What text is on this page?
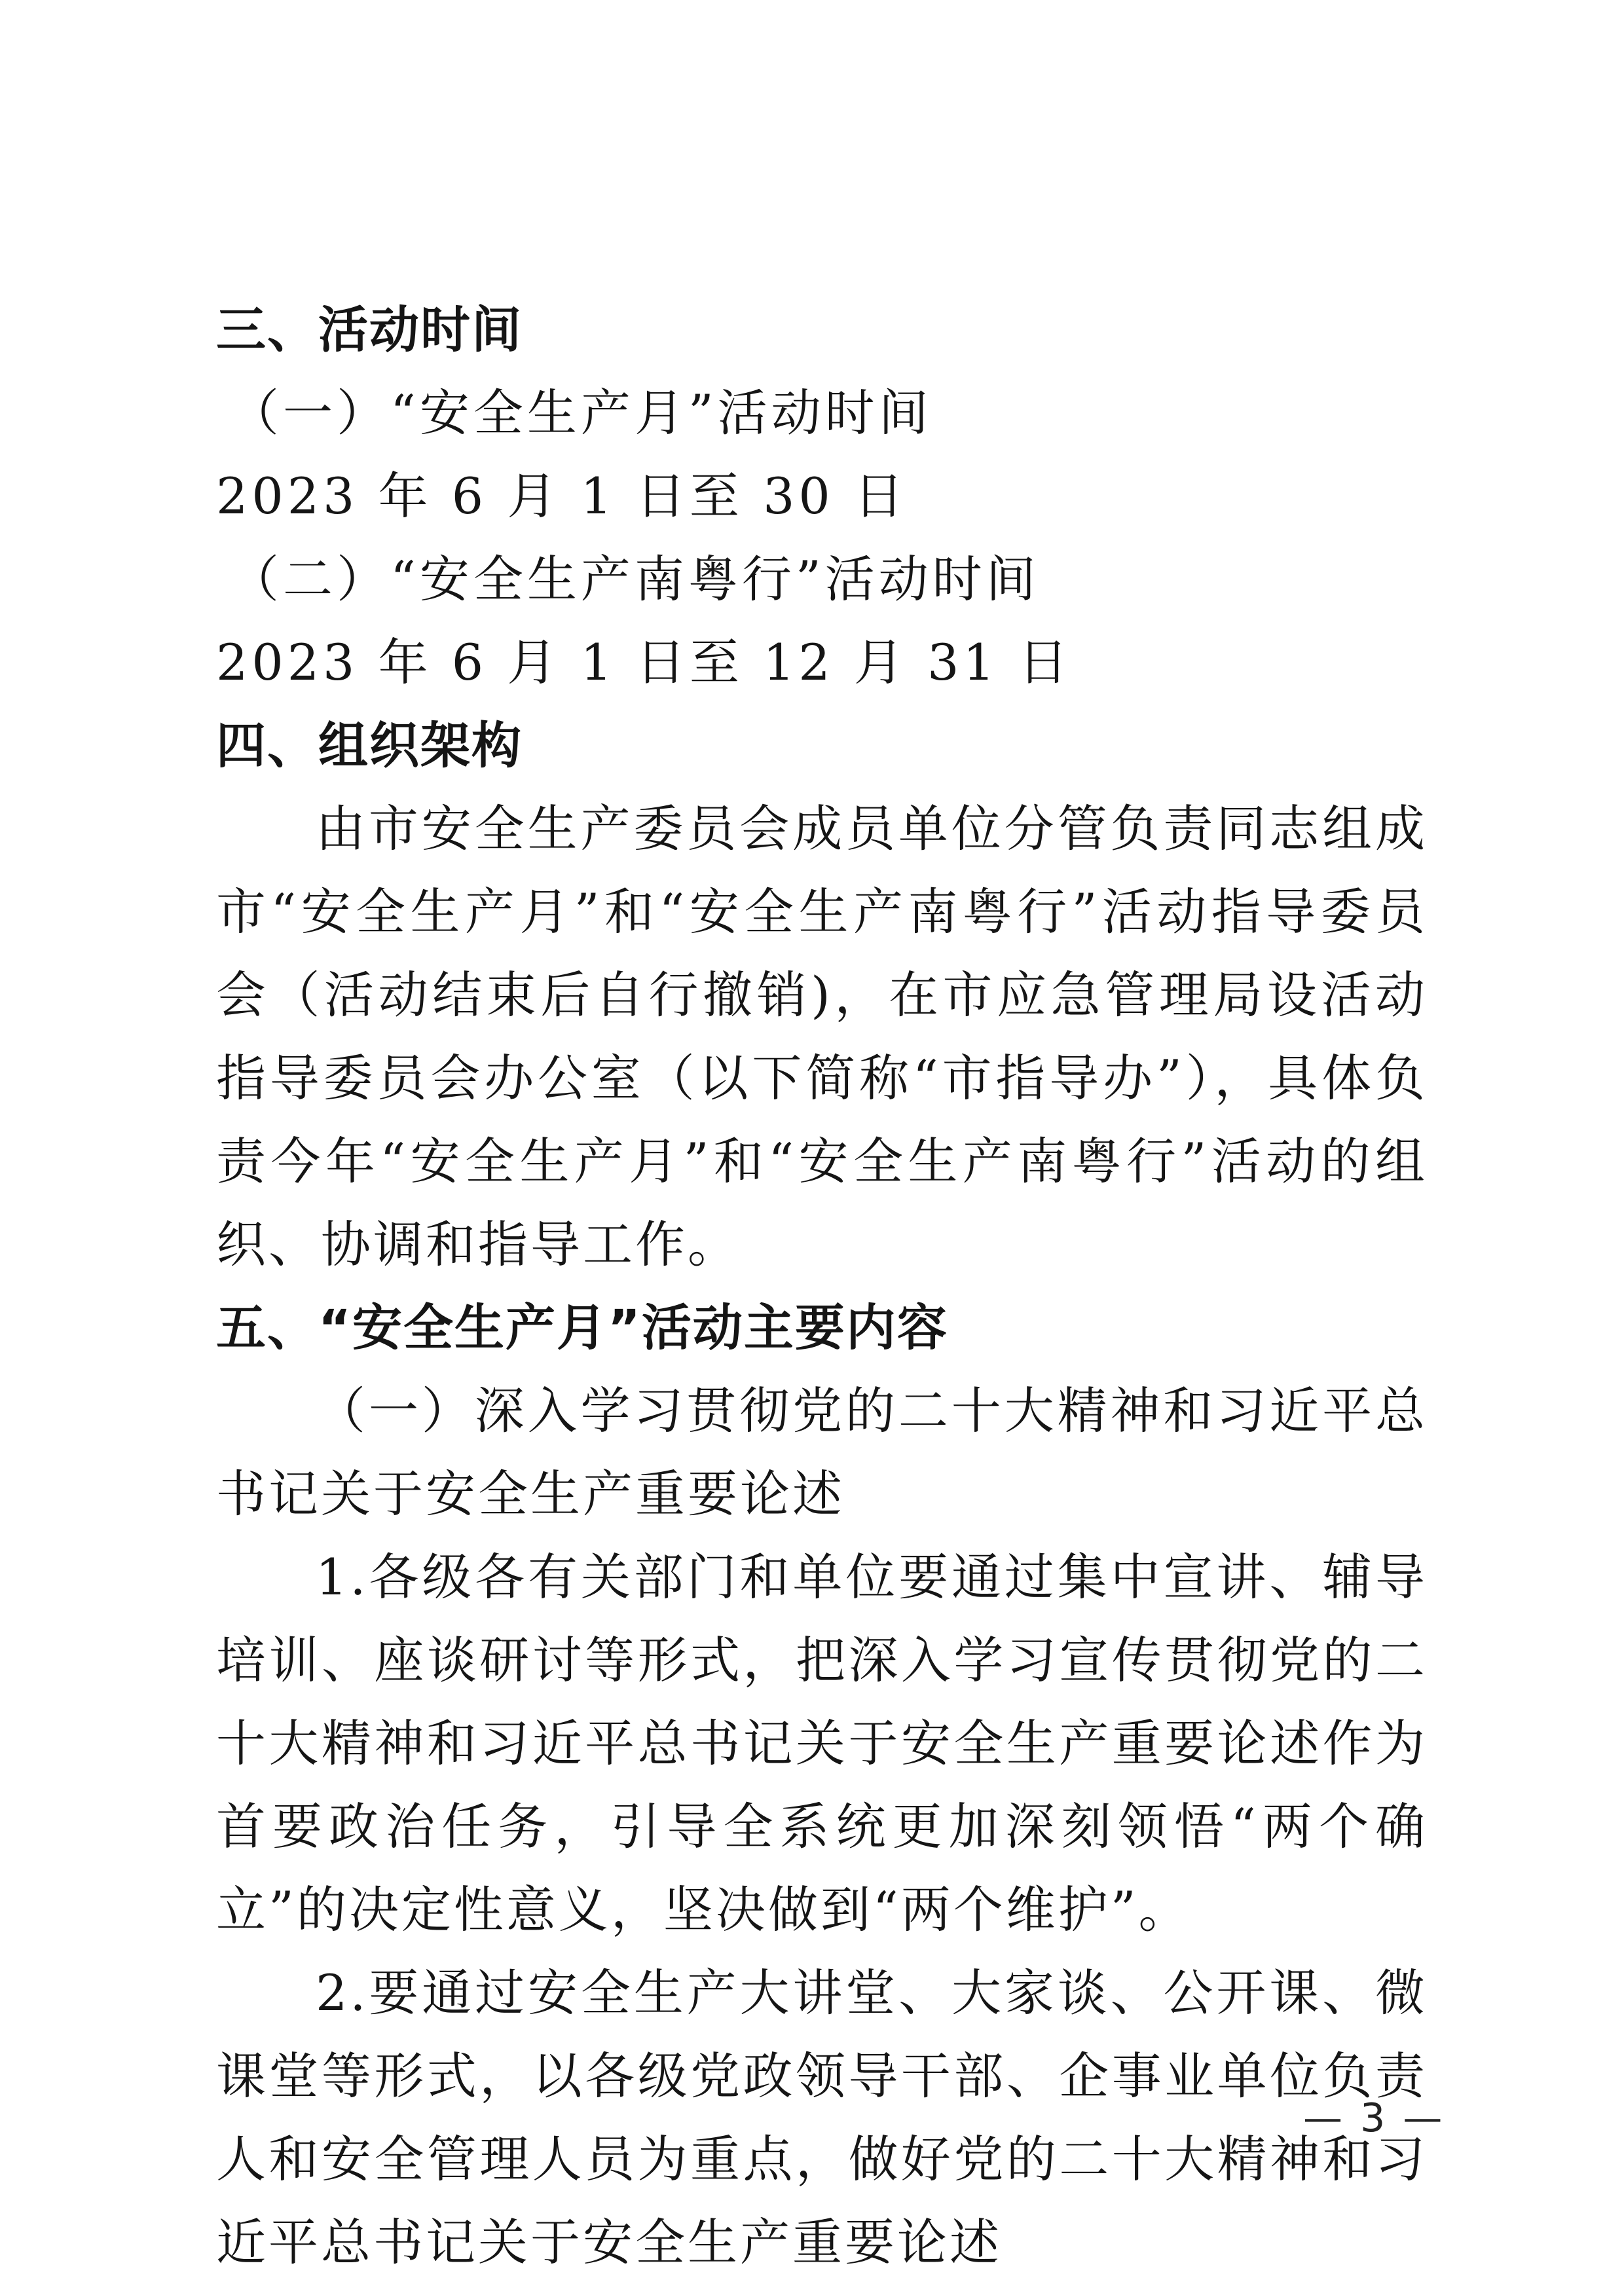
三、活动时间
（一）“安全生产月”活动时间
2023 年 6 月 1 日至 30 日
（二）“安全生产南粤行”活动时间
2023 年 6 月 1 日至 12 月 31 日
四、组织架构

由市安全生产委员会成员单位分管负责同志组成市“安全生产月”和“安全生产南粤行”活动指导委员会（活动结束后自行撤销)，在市应急管理局设活动指导委员会办公室（以下简称“市指导办”），具体负责今年“安全生产月”和“安全生产南粤行”活动的组织、协调和指导工作。

五、“安全生产月”活动主要内容

（一）深入学习贯彻党的二十大精神和习近平总书记关于安全生产重要论述

1.各级各有关部门和单位要通过集中宣讲、辅导培训、座谈研讨等形式，把深入学习宣传贯彻党的二十大精神和习近平总书记关于安全生产重要论述作为首要政治任务，引导全系统更加深刻领悟“两个确立”的决定性意义，坚决做到“两个维护”。

2.要通过安全生产大讲堂、大家谈、公开课、微课堂等形式，以各级党政领导干部、企事业单位负责人和安全管理人员为重点，做好党的二十大精神和习近平总书记关于安全生产重要论述

— 3 —
